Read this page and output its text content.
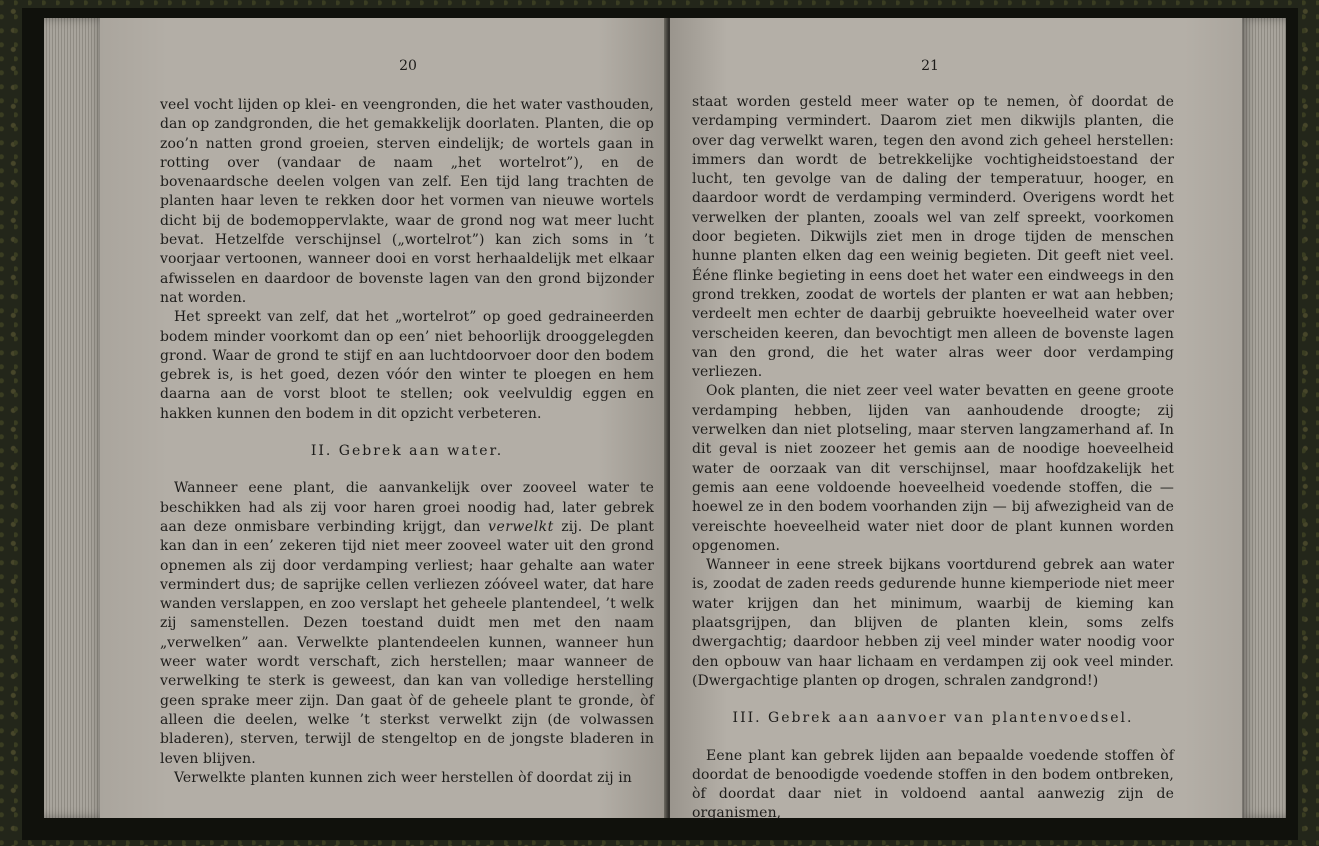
20

veel vocht lijden op klei- en veengronden, die het water vasthouden, dan op zandgronden, die het gemakkelijk doorlaten. Planten, die op zoo’n natten grond groeien, sterven eindelijk; de wortels gaan in rotting over (vandaar de naam „het wortelrot”), en de bovenaardsche deelen volgen van zelf. Een tijd lang trachten de planten haar leven te rekken door het vormen van nieuwe wortels dicht bij de bodemoppervlakte, waar de grond nog wat meer lucht bevat. Hetzelfde verschijnsel („wortelrot”) kan zich soms in ’t voorjaar vertoonen, wanneer dooi en vorst herhaaldelijk met elkaar afwisselen en daardoor de bovenste lagen van den grond bijzonder nat worden.

Het spreekt van zelf, dat het „wortelrot” op goed gedraineerden bodem minder voorkomt dan op een’ niet behoorlijk drooggelegden grond. Waar de grond te stijf en aan luchtdoorvoer door den bodem gebrek is, is het goed, dezen vóór den winter te ploegen en hem daarna aan de vorst bloot te stellen; ook veelvuldig eggen en hakken kunnen den bodem in dit opzicht verbeteren.

II. Gebrek aan water.

Wanneer eene plant, die aanvankelijk over zooveel water te beschikken had als zij voor haren groei noodig had, later gebrek aan deze onmisbare verbinding krijgt, dan verwelkt zij. De plant kan dan in een’ zekeren tijd niet meer zooveel water uit den grond opnemen als zij door verdamping verliest; haar gehalte aan water vermindert dus; de saprijke cellen verliezen zóóveel water, dat hare wanden verslappen, en zoo verslapt het geheele plantendeel, ’t welk zij samenstellen. Dezen toestand duidt men met den naam „verwelken” aan. Verwelkte plantendeelen kunnen, wanneer hun weer water wordt verschaft, zich herstellen; maar wanneer de verwelking te sterk is geweest, dan kan van volledige herstelling geen sprake meer zijn. Dan gaat òf de geheele plant te gronde, òf alleen die deelen, welke ’t sterkst verwelkt zijn (de volwassen bladeren), sterven, terwijl de stengeltop en de jongste bladeren in leven blijven.

Verwelkte planten kunnen zich weer herstellen òf doordat zij in

21

staat worden gesteld meer water op te nemen, òf doordat de verdamping vermindert. Daarom ziet men dikwijls planten, die over dag verwelkt waren, tegen den avond zich geheel herstellen: immers dan wordt de betrekkelijke vochtigheidstoestand der lucht, ten gevolge van de daling der temperatuur, hooger, en daardoor wordt de verdamping verminderd. Overigens wordt het verwelken der planten, zooals wel van zelf spreekt, voorkomen door begieten. Dikwijls ziet men in droge tijden de menschen hunne planten elken dag een weinig begieten. Dit geeft niet veel. Ééne flinke begieting in eens doet het water een eindweegs in den grond trekken, zoodat de wortels der planten er wat aan hebben; verdeelt men echter de daarbij gebruikte hoeveelheid water over verscheiden keeren, dan bevochtigt men alleen de bovenste lagen van den grond, die het water alras weer door verdamping verliezen.

Ook planten, die niet zeer veel water bevatten en geene groote verdamping hebben, lijden van aanhoudende droogte; zij verwelken dan niet plotseling, maar sterven langzamerhand af. In dit geval is niet zoozeer het gemis aan de noodige hoeveelheid water de oorzaak van dit verschijnsel, maar hoofdzakelijk het gemis aan eene voldoende hoeveelheid voedende stoffen, die — hoewel ze in den bodem voorhanden zijn — bij afwezigheid van de vereischte hoeveelheid water niet door de plant kunnen worden opgenomen.

Wanneer in eene streek bijkans voortdurend gebrek aan water is, zoodat de zaden reeds gedurende hunne kiemperiode niet meer water krijgen dan het minimum, waarbij de kieming kan plaatsgrijpen, dan blijven de planten klein, soms zelfs dwergachtig; daardoor hebben zij veel minder water noodig voor den opbouw van haar lichaam en verdampen zij ook veel minder. (Dwergachtige planten op drogen, schralen zandgrond!)

III. Gebrek aan aanvoer van plantenvoedsel.

Eene plant kan gebrek lijden aan bepaalde voedende stoffen òf doordat de benoodigde voedende stoffen in den bodem ontbreken, òf doordat daar niet in voldoend aantal aanwezig zijn de organismen,
